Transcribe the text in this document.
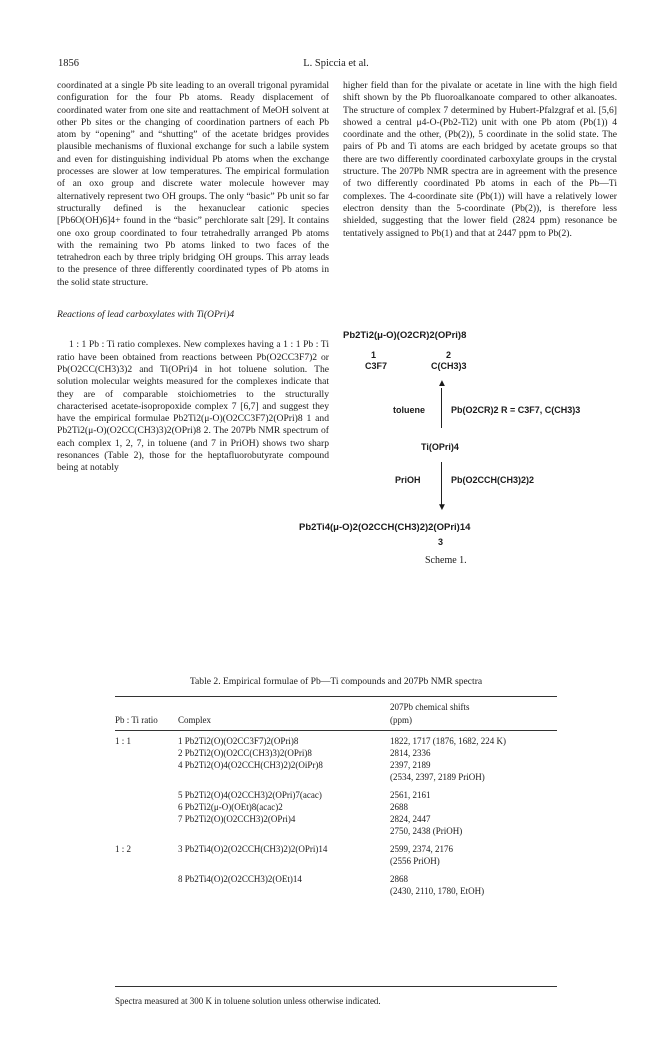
1856	L. Spiccia et al.

coordinated at a single Pb site leading to an overall trigonal pyramidal configuration for the four Pb atoms. Ready displacement of coordinated water from one site and reattachment of MeOH solvent at other Pb sites or the changing of coordination partners of each Pb atom by “opening” and “shutting” of the acetate bridges provides plausible mechanisms of fluxional exchange for such a labile system and even for distinguishing individual Pb atoms when the exchange processes are slower at low temperatures. The empirical formulation of an oxo group and discrete water molecule however may alternatively represent two OH groups. The only “basic” Pb unit so far structurally defined is the hexanuclear cationic species [Pb6O(OH)6]4+ found in the “basic” perchlorate salt [29]. It contains one oxo group coordinated to four tetrahedrally arranged Pb atoms with the remaining two Pb atoms linked to two faces of the tetrahedron each by three triply bridging OH groups. This array leads to the presence of three differently coordinated types of Pb atoms in the solid state structure.

Reactions of lead carboxylates with Ti(OPri)4

1 : 1 Pb : Ti ratio complexes. New complexes having a 1 : 1 Pb : Ti ratio have been obtained from reactions between Pb(O2CC3F7)2 or Pb(O2CC(CH3)3)2 and Ti(OPri)4 in hot toluene solution. The solution molecular weights measured for the complexes indicate that they are of comparable stoichiometries to the structurally characterised acetate-isopropoxide complex 7 [6,7] and suggest they have the empirical formulae Pb2Ti2(μ-O)(O2CC3F7)2(OPri)8 1 and Pb2Ti2(μ-O)(O2CC(CH3)3)2(OPri)8 2. The 207Pb NMR spectrum of each complex 1, 2, 7, in toluene (and 7 in PriOH) shows two sharp resonances (Table 2), those for the heptafluorobutyrate compound being at notably

higher field than for the pivalate or acetate in line with the high field shift shown by the Pb fluoroalkanoate compared to other alkanoates. The structure of complex 7 determined by Hubert-Pfalzgraf et al. [5,6] showed a central μ4-O-(Pb2-Ti2) unit with one Pb atom (Pb(1)) 4 coordinate and the other, (Pb(2)), 5 coordinate in the solid state. The pairs of Pb and Ti atoms are each bridged by acetate groups so that there are two differently coordinated carboxylate groups in the crystal structure. The 207Pb NMR spectra are in agreement with the presence of two differently coordinated Pb atoms in each of the Pb—Ti complexes. The 4-coordinate site (Pb(1)) will have a relatively lower electron density than the 5-coordinate (Pb(2)), is therefore less shielded, suggesting that the lower field (2824 ppm) resonance be tentatively assigned to Pb(1) and that at 2447 ppm to Pb(2).

Pb2Ti2(μ-O)(O2CR)2(OPri)8
1	2
C3F7	C(CH3)3
▲
toluene	Pb(O2CR)2 R = C3F7, C(CH3)3
Ti(OPri)4
▼
PriOH	Pb(O2CCH(CH3)2)2
Pb2Ti4(μ-O)2(O2CCH(CH3)2)2(OPri)14
3
Scheme 1.
Table 2. Empirical formulae of Pb—Ti compounds and 207Pb NMR spectra
Pb : Ti ratio Complex
207Pb chemical shifts
(ppm)
1 : 1	1 Pb2Ti2(O)(O2CC3F7)2(OPri)8	1822, 1717 (1876, 1682, 224 K)
2 Pb2Ti2(O)(O2CC(CH3)3)2(OPri)8	2814, 2336
4 Pb2Ti2(O)4(O2CCH(CH3)2)2(OiPr)8	2397, 2189
(2534, 2397, 2189 PriOH)
5 Pb2Ti2(O)4(O2CCH3)2(OPri)7(acac)	2561, 2161
6 Pb2Ti2(μ-O)(OEt)8(acac)2	2688
7 Pb2Ti2(O)(O2CCH3)2(OPri)4	2824, 2447
2750, 2438 (PriOH)
1 : 2	3 Pb2Ti4(O)2(O2CCH(CH3)2)2(OPri)14	2599, 2374, 2176
(2556 PriOH)
8 Pb2Ti4(O)2(O2CCH3)2(OEt)14	2868
(2430, 2110, 1780, EtOH)
Spectra measured at 300 K in toluene solution unless otherwise indicated.
